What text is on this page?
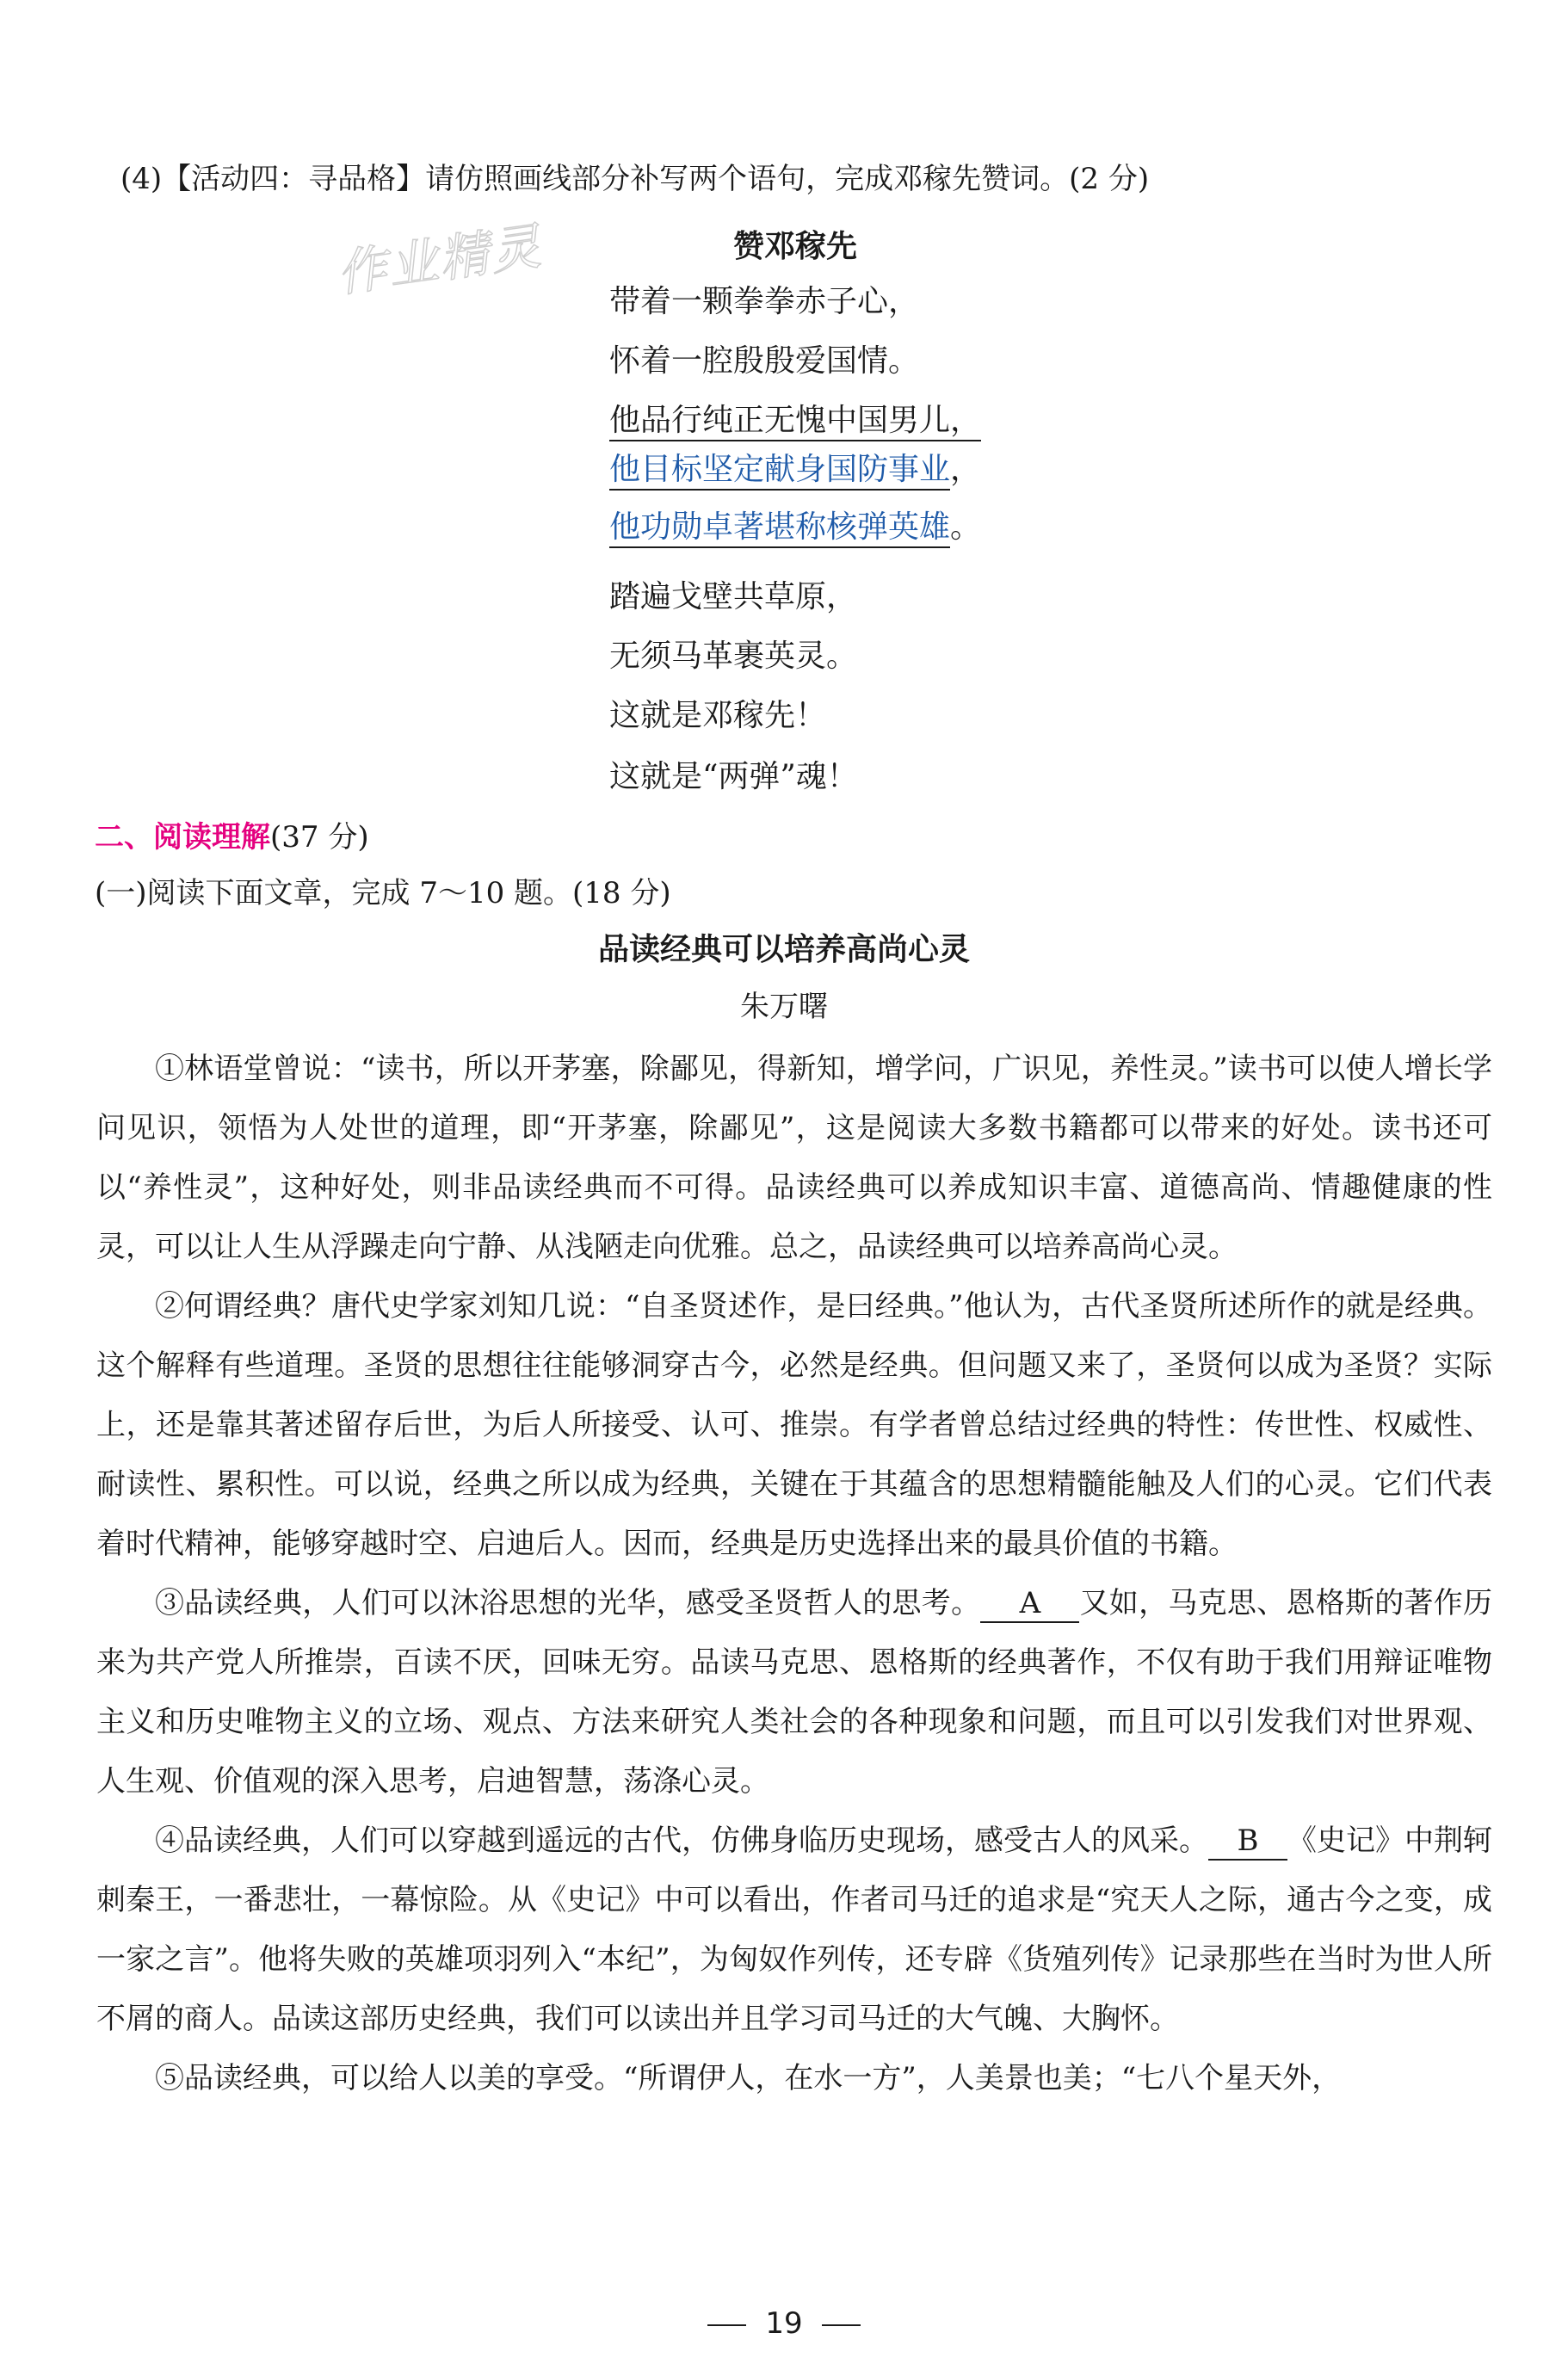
(4)【活动四：寻品格】请仿照画线部分补写两个语句，完成邓稼先赞词。(2 分)
作业精灵	赞邓稼先
带着一颗拳拳赤子心，
怀着一腔殷殷爱国情。
他品行纯正无愧中国男儿，
他目标坚定献身国防事业，
他功勋卓著堪称核弹英雄。
踏遍戈壁共草原，
无须马革裹英灵。
这就是邓稼先！
这就是“两弹”魂！
二、阅读理解(37 分)
(一)阅读下面文章，完成 7～10 题。(18 分)
品读经典可以培养高尚心灵
朱万曙

①林语堂曾说：“读书，所以开茅塞，除鄙见，得新知，增学问，广识见，养性灵。”读书可以使人增长学问见识，领悟为人处世的道理，即“开茅塞，除鄙见”，这是阅读大多数书籍都可以带来的好处。读书还可以“养性灵”，这种好处，则非品读经典而不可得。品读经典可以养成知识丰富、道德高尚、情趣健康的性灵，可以让人生从浮躁走向宁静、从浅陋走向优雅。总之，品读经典可以培养高尚心灵。

②何谓经典？唐代史学家刘知几说：“自圣贤述作，是曰经典。”他认为，古代圣贤所述所作的就是经典。这个解释有些道理。圣贤的思想往往能够洞穿古今，必然是经典。但问题又来了，圣贤何以成为圣贤？实际上，还是靠其著述留存后世，为后人所接受、认可、推崇。有学者曾总结过经典的特性：传世性、权威性、耐读性、累积性。可以说，经典之所以成为经典，关键在于其蕴含的思想精髓能触及人们的心灵。它们代表着时代精神，能够穿越时空、启迪后人。因而，经典是历史选择出来的最具价值的书籍。

③品读经典，人们可以沐浴思想的光华，感受圣贤哲人的思考。 A 又如，马克思、恩格斯的著作历来为共产党人所推崇，百读不厌，回味无穷。品读马克思、恩格斯的经典著作，不仅有助于我们用辩证唯物主义和历史唯物主义的立场、观点、方法来研究人类社会的各种现象和问题，而且可以引发我们对世界观、人生观、价值观的深入思考，启迪智慧，荡涤心灵。

④品读经典，人们可以穿越到遥远的古代，仿佛身临历史现场，感受古人的风采。 B 《史记》中荆轲刺秦王，一番悲壮，一幕惊险。从《史记》中可以看出，作者司马迁的追求是“究天人之际，通古今之变，成一家之言”。他将失败的英雄项羽列入“本纪”，为匈奴作列传，还专辟《货殖列传》记录那些在当时为世人所不屑的商人。品读这部历史经典，我们可以读出并且学习司马迁的大气魄、大胸怀。

⑤品读经典，可以给人以美的享受。“所谓伊人，在水一方”，人美景也美；“七八个星天外，

19
